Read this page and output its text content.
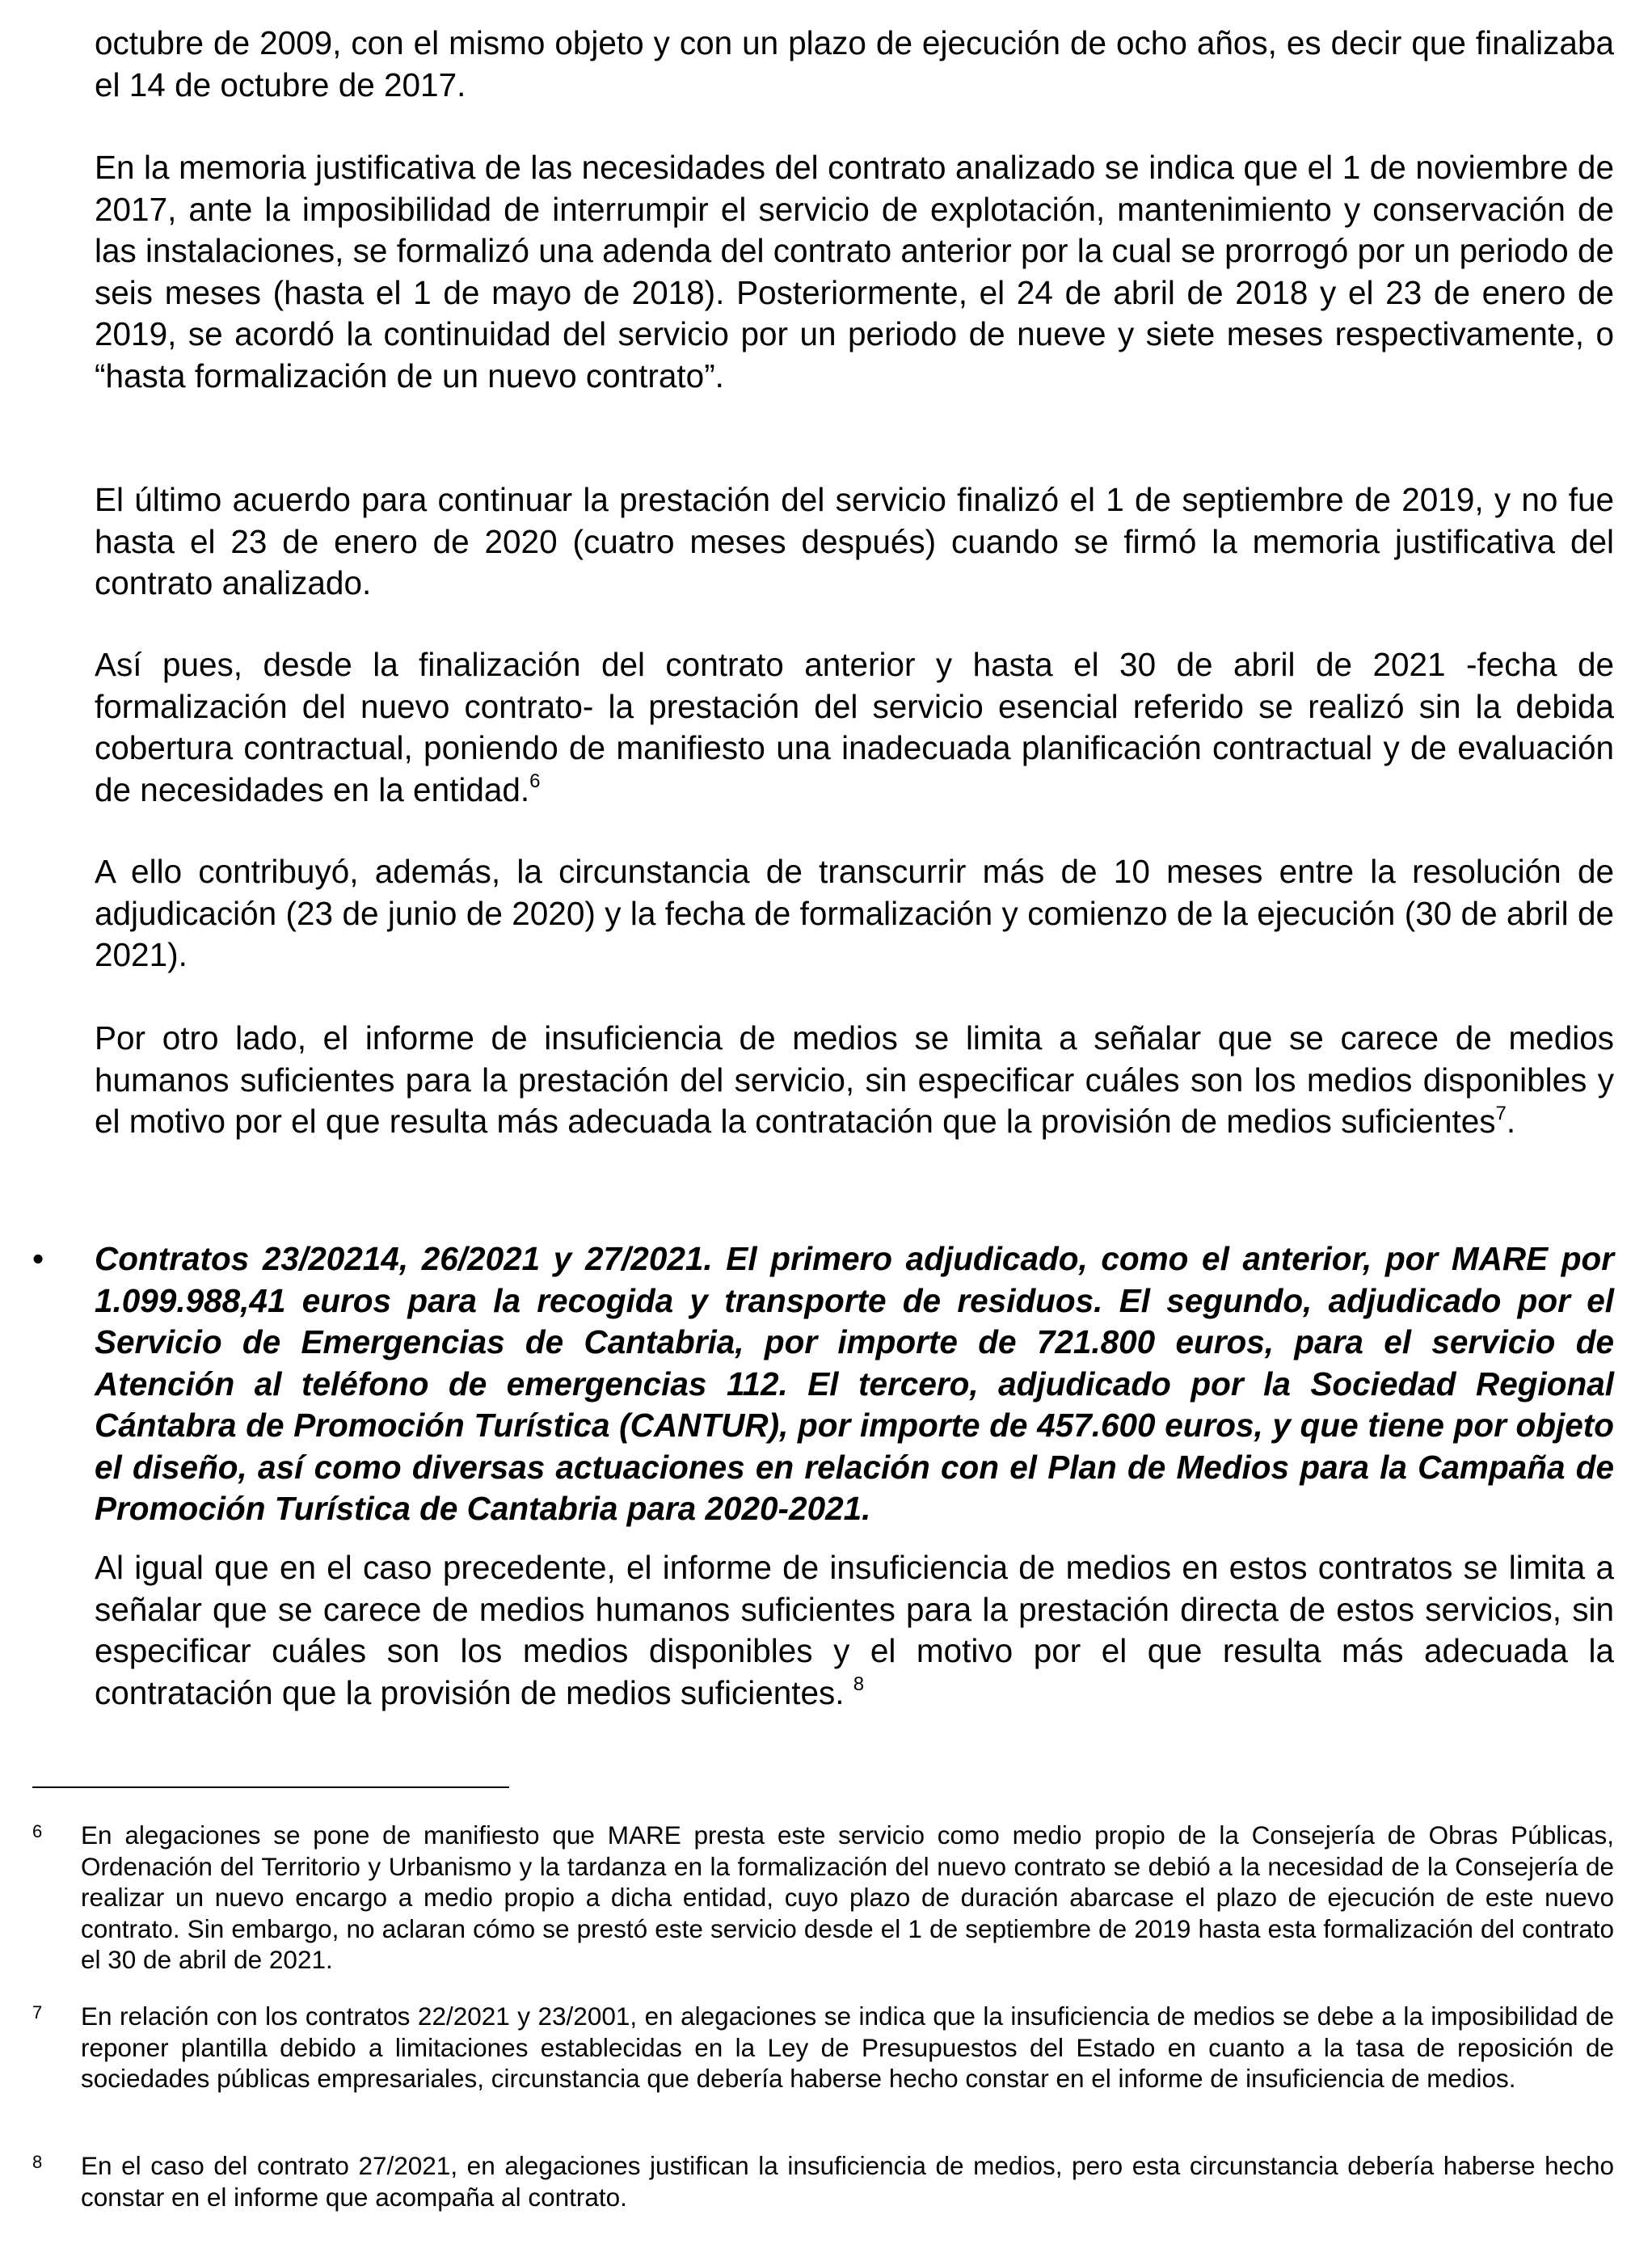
octubre de 2009, con el mismo objeto y con un plazo de ejecución de ocho años, es decir que finalizaba el 14 de octubre de 2017.

En la memoria justificativa de las necesidades del contrato analizado se indica que el 1 de noviembre de 2017, ante la imposibilidad de interrumpir el servicio de explotación, mantenimiento y conservación de las instalaciones, se formalizó una adenda del contrato anterior por la cual se prorrogó por un periodo de seis meses (hasta el 1 de mayo de 2018). Posteriormente, el 24 de abril de 2018 y el 23 de enero de 2019, se acordó la continuidad del servicio por un periodo de nueve y siete meses respectivamente, o “hasta formalización de un nuevo contrato”.

El último acuerdo para continuar la prestación del servicio finalizó el 1 de septiembre de 2019, y no fue hasta el 23 de enero de 2020 (cuatro meses después) cuando se firmó la memoria justificativa del contrato analizado.

Así pues, desde la finalización del contrato anterior y hasta el 30 de abril de 2021 -fecha de formalización del nuevo contrato- la prestación del servicio esencial referido se realizó sin la debida cobertura contractual, poniendo de manifiesto una inadecuada planificación contractual y de evaluación de necesidades en la entidad.$^6$

A ello contribuyó, además, la circunstancia de transcurrir más de 10 meses entre la resolución de adjudicación (23 de junio de 2020) y la fecha de formalización y comienzo de la ejecución (30 de abril de 2021).

Por otro lado, el informe de insuficiencia de medios se limita a señalar que se carece de medios humanos suficientes para la prestación del servicio, sin especificar cuáles son los medios disponibles y el motivo por el que resulta más adecuada la contratación que la provisión de medios suficientes$^7$.

• Contratos 23/20214, 26/2021 y 27/2021. El primero adjudicado, como el anterior, por MARE por 1.099.988,41 euros para la recogida y transporte de residuos. El segundo, adjudicado por el Servicio de Emergencias de Cantabria, por importe de 721.800 euros, para el servicio de Atención al teléfono de emergencias 112. El tercero, adjudicado por la Sociedad Regional Cántabra de Promoción Turística (CANTUR), por importe de 457.600 euros, y que tiene por objeto el diseño, así como diversas actuaciones en relación con el Plan de Medios para la Campaña de Promoción Turística de Cantabria para 2020-2021.

Al igual que en el caso precedente, el informe de insuficiencia de medios en estos contratos se limita a señalar que se carece de medios humanos suficientes para la prestación directa de estos servicios, sin especificar cuáles son los medios disponibles y el motivo por el que resulta más adecuada la contratación que la provisión de medios suficientes. $^8$

6 En alegaciones se pone de manifiesto que MARE presta este servicio como medio propio de la Consejería de Obras Públicas, Ordenación del Territorio y Urbanismo y la tardanza en la formalización del nuevo contrato se debió a la necesidad de la Consejería de realizar un nuevo encargo a medio propio a dicha entidad, cuyo plazo de duración abarcase el plazo de ejecución de este nuevo contrato. Sin embargo, no aclaran cómo se prestó este servicio desde el 1 de septiembre de 2019 hasta esta formalización del contrato el 30 de abril de 2021.
7 En relación con los contratos 22/2021 y 23/2001, en alegaciones se indica que la insuficiencia de medios se debe a la imposibilidad de reponer plantilla debido a limitaciones establecidas en la Ley de Presupuestos del Estado en cuanto a la tasa de reposición de sociedades públicas empresariales, circunstancia que debería haberse hecho constar en el informe de insuficiencia de medios.
8 En el caso del contrato 27/2021, en alegaciones justifican la insuficiencia de medios, pero esta circunstancia debería haberse hecho constar en el informe que acompaña al contrato.
